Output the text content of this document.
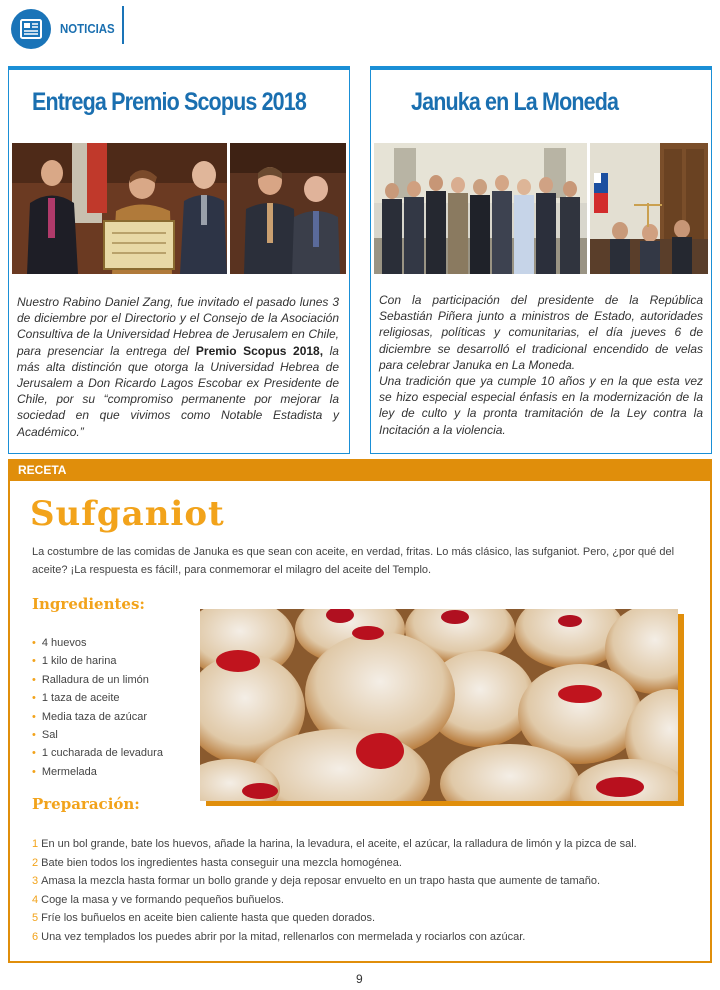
NOTICIAS
Entrega Premio Scopus 2018
Nuestro Rabino Daniel Zang, fue invitado el pasado lunes 3 de diciembre por el Directorio y el Consejo de la Asociación Consultiva de la Universidad Hebrea de Jerusalem en Chile, para presenciar la entrega del Premio Scopus 2018, la más alta distinción que otorga la Universidad Hebrea de Jerusalem a Don Ricardo Lagos Escobar ex Presidente de Chile, por su “compromiso permanente por mejorar la sociedad en que vivimos como Notable Estadista y Académico.”
Januka en La Moneda
Con la participación del presidente de la República Sebastián Piñera junto a ministros de Estado, autoridades religiosas, políticas y comunitarias, el día jueves 6 de diciembre se desarrolló el tradicional encendido de velas para celebrar Januka en La Moneda.
Una tradición que ya cumple 10 años y en la que esta vez se hizo especial especial énfasis en la modernización de la ley de culto y la pronta tramitación de la Ley contra la Incitación a la violencia.
RECETA
Sufganiot
La costumbre de las comidas de Januka es que sean con aceite, en verdad, fritas. Lo más clásico, las sufganiot. Pero, ¿por qué del aceite? ¡La respuesta es fácil!, para conmemorar el milagro del aceite del Templo.
Ingredientes:
• 4 huevos
• 1 kilo de harina
• Ralladura de un limón
• 1 taza de aceite
• Media taza de azúcar
• Sal
• 1 cucharada de levadura
• Mermelada
Preparación:
1 En un bol grande, bate los huevos, añade la harina, la levadura, el aceite, el azúcar, la ralladura de limón y la pizca de sal.
2 Bate bien todos los ingredientes hasta conseguir una mezcla homogénea.
3 Amasa la mezcla hasta formar un bollo grande y deja reposar envuelto en un trapo hasta que aumente de tamaño.
4 Coge la masa y ve formando pequeños buñuelos.
5 Fríe los buñuelos en aceite bien caliente hasta que queden dorados.
6 Una vez templados los puedes abrir por la mitad, rellenarlos con mermelada y rociarlos con azúcar.
9
